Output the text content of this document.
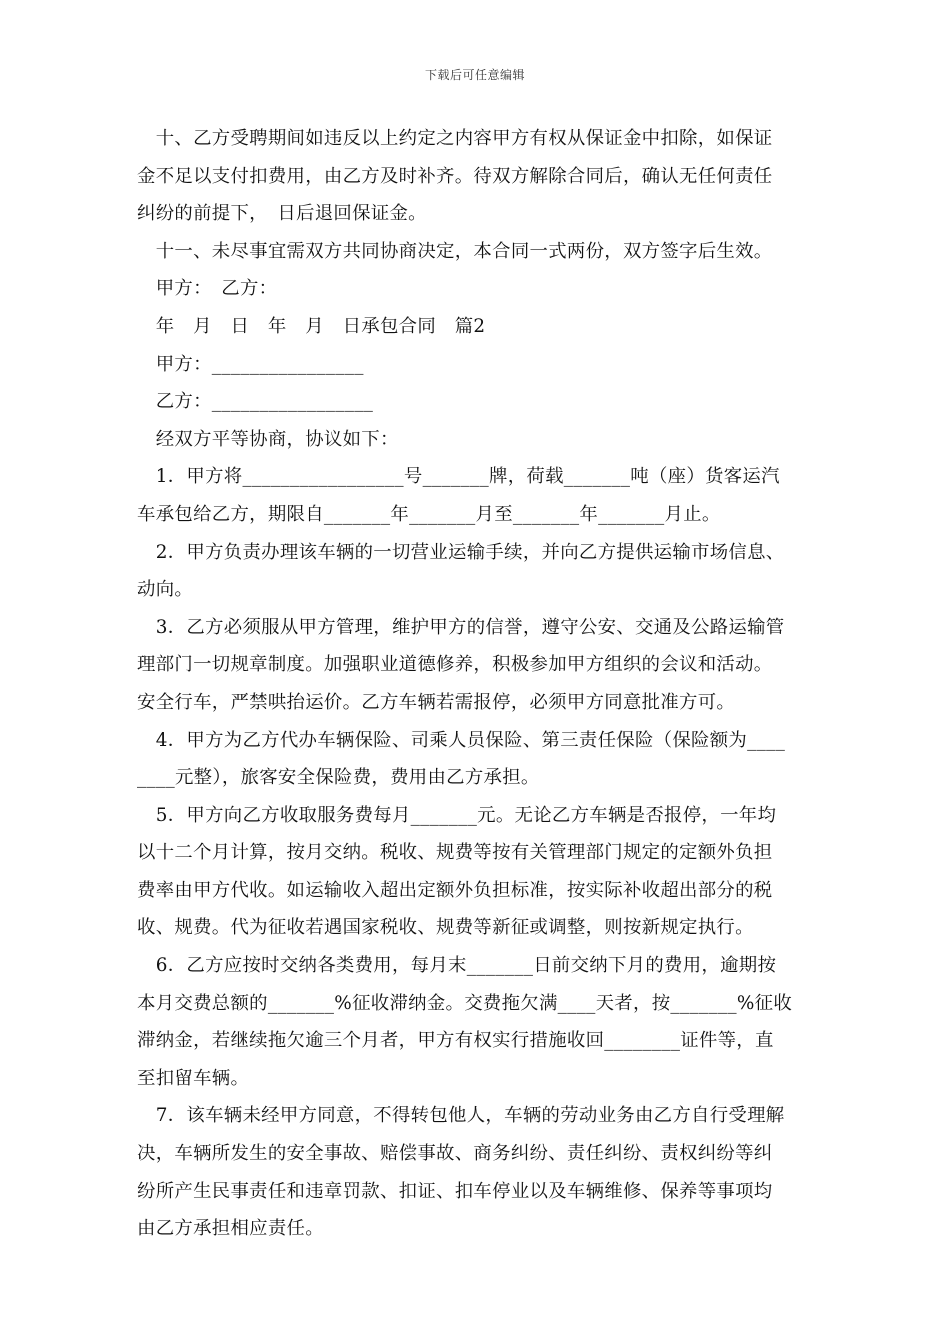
下载后可任意编辑
　十、乙方受聘期间如违反以上约定之内容甲方有权从保证金中扣除，如保证
金不足以支付扣费用，由乙方及时补齐。待双方解除合同后，确认无任何责任
纠纷的前提下，　日后退回保证金。
　十一、未尽事宜需双方共同协商决定，本合同一式两份，双方签字后生效。
　甲方：　乙方：
　年　月　日　年　月　日承包合同　篇2
　甲方：________________
　乙方：_________________
　经双方平等协商，协议如下：
　1．甲方将_________________号_______牌，荷载_______吨（座）货客运汽
车承包给乙方，期限自_______年_______月至_______年_______月止。
　2．甲方负责办理该车辆的一切营业运输手续，并向乙方提供运输市场信息、
动向。
　3．乙方必须服从甲方管理，维护甲方的信誉，遵守公安、交通及公路运输管
理部门一切规章制度。加强职业道德修养，积极参加甲方组织的会议和活动。
安全行车，严禁哄抬运价。乙方车辆若需报停，必须甲方同意批准方可。
　4．甲方为乙方代办车辆保险、司乘人员保险、第三责任保险（保险额为____
____元整），旅客安全保险费，费用由乙方承担。
　5．甲方向乙方收取服务费每月_______元。无论乙方车辆是否报停，一年均
以十二个月计算，按月交纳。税收、规费等按有关管理部门规定的定额外负担
费率由甲方代收。如运输收入超出定额外负担标准，按实际补收超出部分的税
收、规费。代为征收若遇国家税收、规费等新征或调整，则按新规定执行。
　6．乙方应按时交纳各类费用，每月末_______日前交纳下月的费用，逾期按
本月交费总额的_______%征收滞纳金。交费拖欠满____天者，按_______%征收
滞纳金，若继续拖欠逾三个月者，甲方有权实行措施收回________证件等，直
至扣留车辆。
　7．该车辆未经甲方同意，不得转包他人，车辆的劳动业务由乙方自行受理解
决，车辆所发生的安全事故、赔偿事故、商务纠纷、责任纠纷、责权纠纷等纠
纷所产生民事责任和违章罚款、扣证、扣车停业以及车辆维修、保养等事项均
由乙方承担相应责任。
